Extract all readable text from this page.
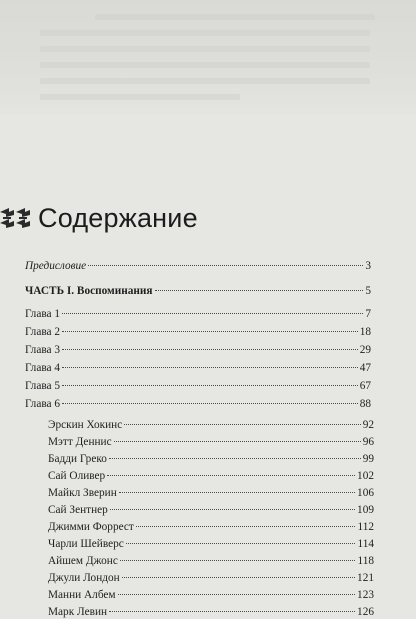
Содержание
Предисловие	3
ЧАСТЬ I. Воспоминания	5
Глава 1	7
Глава 2	18
Глава 3	29
Глава 4	47
Глава 5	67
Глава 6	88
Эрскин Хокинс	92
Мэтт Деннис	96
Бадди Греко	99
Сай Оливер	102
Майкл Зверин	106
Сай Зентнер	109
Джимми Форрест	112
Чарли Шейверс	114
Айшем Джонс	118
Джули Лондон	121
Манни Албем	123
Марк Левин	126
